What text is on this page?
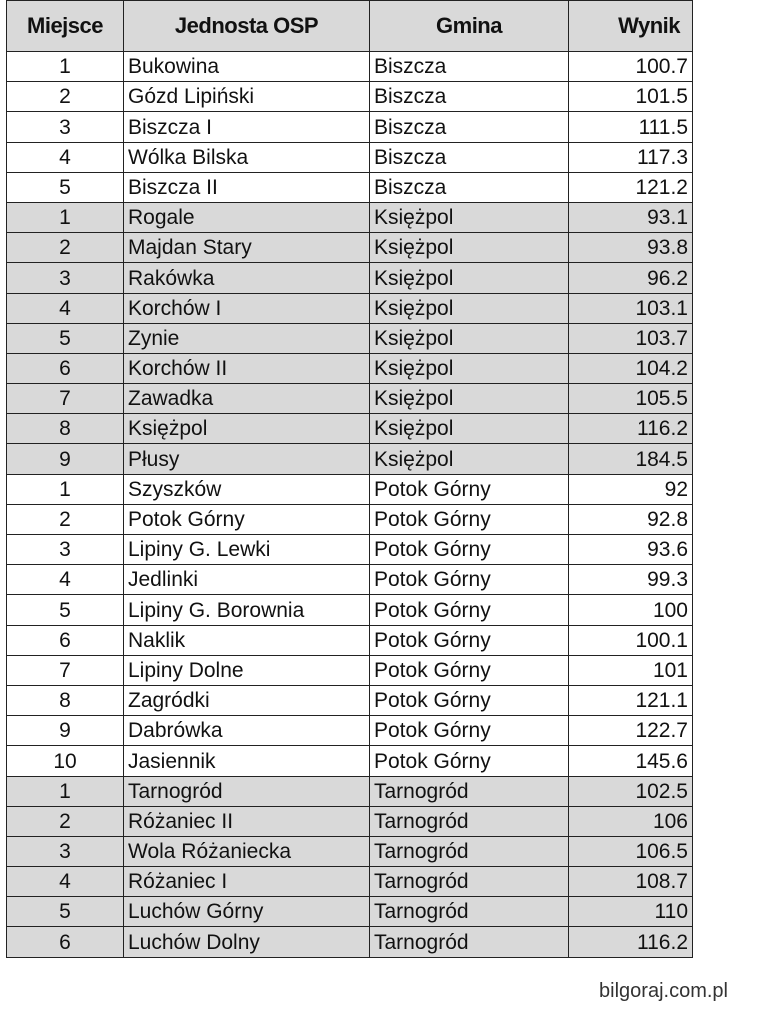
Miejsce	Jednosta OSP	Gmina	Wynik
1	Bukowina	Biszcza	100.7
2	Gózd Lipiński	Biszcza	101.5
3	Biszcza I	Biszcza	111.5
4	Wólka Bilska	Biszcza	117.3
5	Biszcza II	Biszcza	121.2
1	Rogale	Księżpol	93.1
2	Majdan Stary	Księżpol	93.8
3	Rakówka	Księżpol	96.2
4	Korchów I	Księżpol	103.1
5	Zynie	Księżpol	103.7
6	Korchów II	Księżpol	104.2
7	Zawadka	Księżpol	105.5
8	Księżpol	Księżpol	116.2
9	Płusy	Księżpol	184.5
1	Szyszków	Potok Górny	92
2	Potok Górny	Potok Górny	92.8
3	Lipiny G. Lewki	Potok Górny	93.6
4	Jedlinki	Potok Górny	99.3
5	Lipiny G. Borownia	Potok Górny	100
6	Naklik	Potok Górny	100.1
7	Lipiny Dolne	Potok Górny	101
8	Zagródki	Potok Górny	121.1
9	Dabrówka	Potok Górny	122.7
10	Jasiennik	Potok Górny	145.6
1	Tarnogród	Tarnogród	102.5
2	Różaniec II	Tarnogród	106
3	Wola Różaniecka	Tarnogród	106.5
4	Różaniec I	Tarnogród	108.7
5	Luchów Górny	Tarnogród	110
6	Luchów Dolny	Tarnogród	116.2
bilgoraj.com.pl
